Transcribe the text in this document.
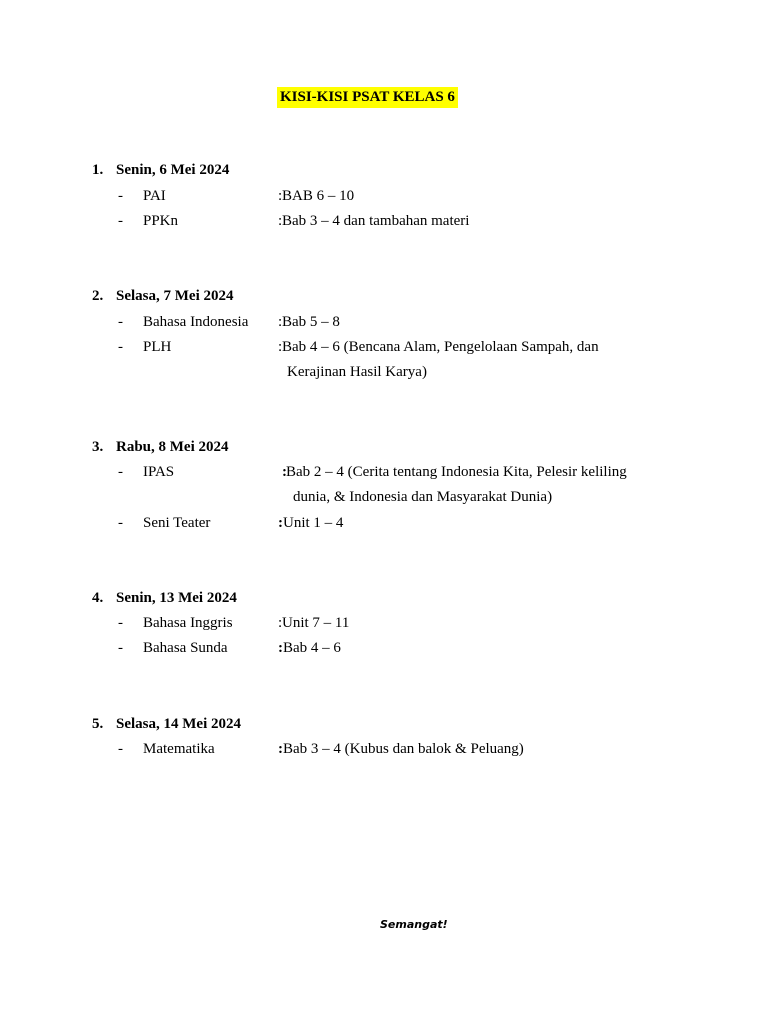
KISI-KISI PSAT KELAS 6
1. Senin, 6 Mei 2024
- PAI	: BAB 6 – 10
- PPKn	: Bab 3 – 4 dan tambahan materi
2. Selasa, 7 Mei 2024
- Bahasa Indonesia : Bab 5 – 8
- PLH	: Bab 4 – 6 (Bencana Alam, Pengelolaan Sampah, dan
Kerajinan Hasil Karya)
3. Rabu, 8 Mei 2024
- IPAS	: Bab 2 – 4 (Cerita tentang Indonesia Kita, Pelesir keliling
dunia, & Indonesia dan Masyarakat Dunia)
- Seni Teater	: Unit 1 – 4
4. Senin, 13 Mei 2024
- Bahasa Inggris	: Unit 7 – 11
- Bahasa Sunda	: Bab 4 – 6
5. Selasa, 14 Mei 2024
- Matematika	: Bab 3 – 4 (Kubus dan balok & Peluang)
Semangat!
